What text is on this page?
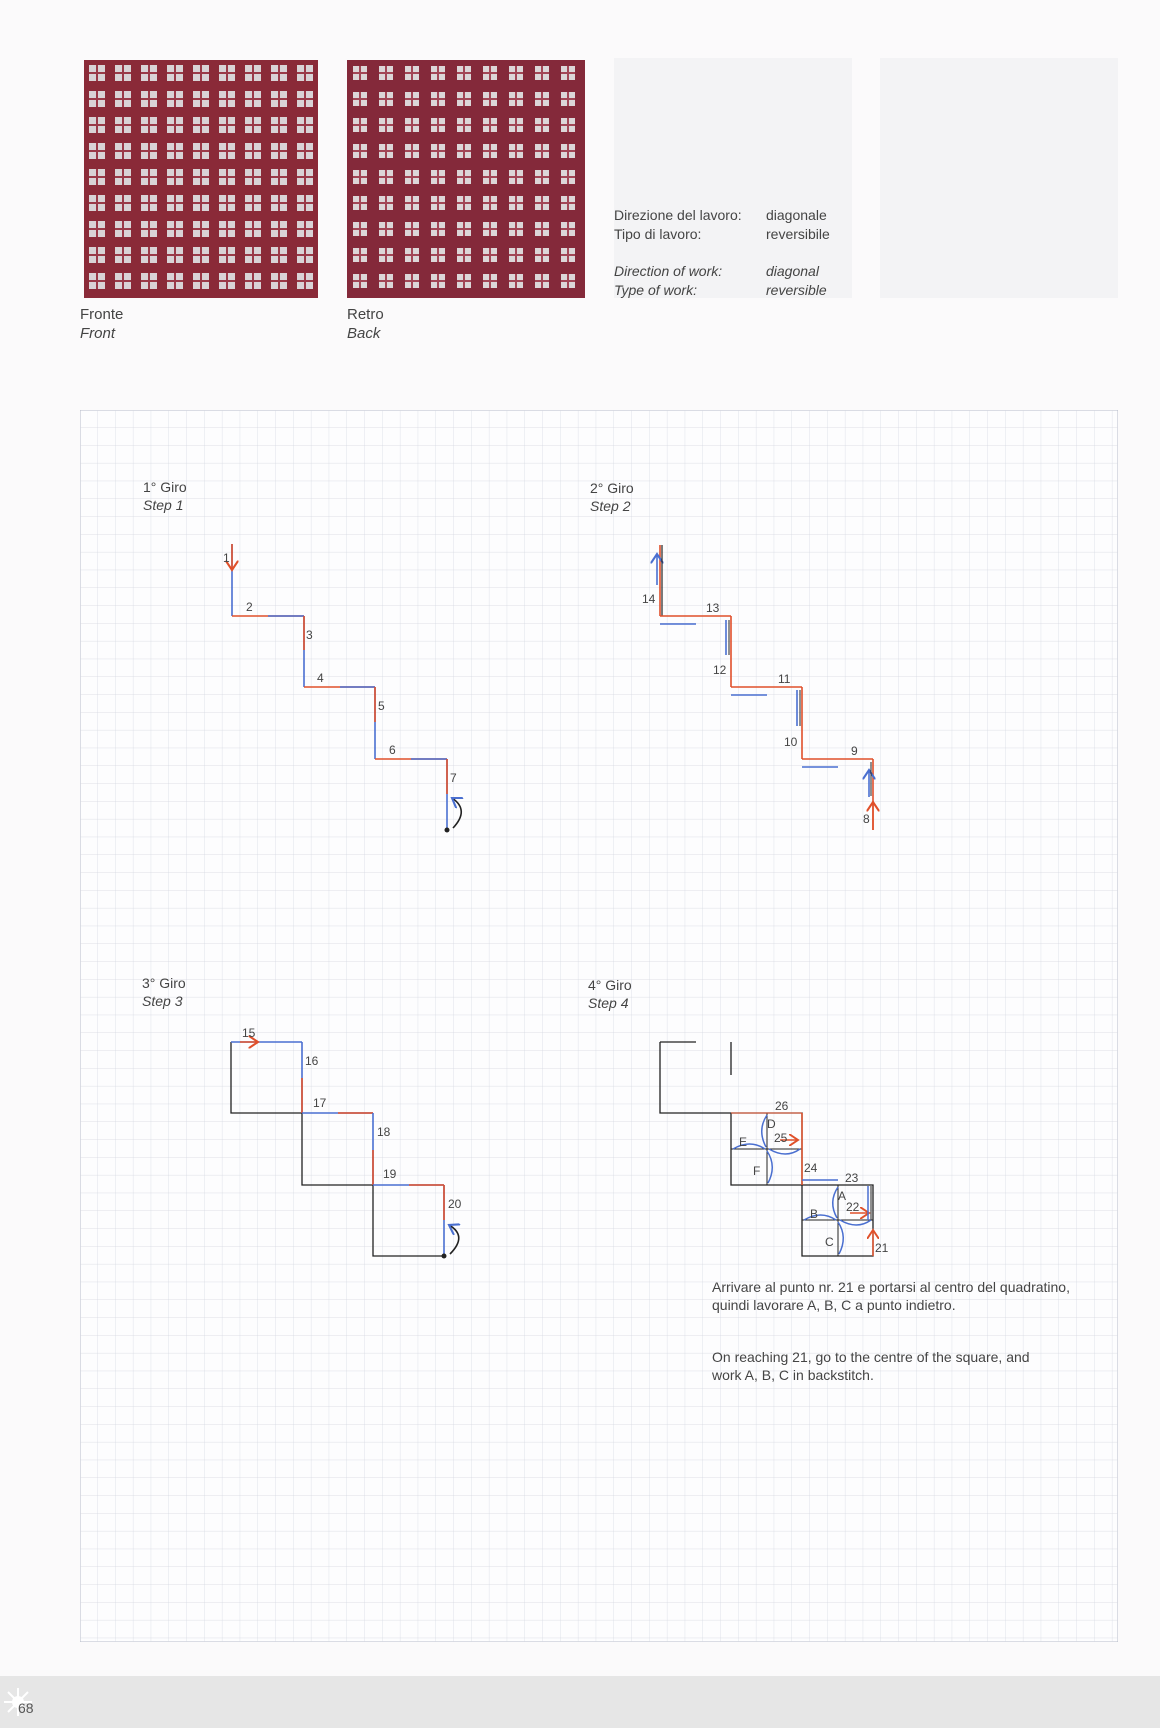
Fronte
Front
Retro
Back
Direzione del lavoro:	diagonale
Tipo di lavoro:	reversibile
Direction of work:	diagonal
Type of work:	reversible
1
2
3
4
5
6
7
14
13
12
11
10
9
8
15
16
17
18
19
20
26
D
E 25
F	24
23
A
B 22
C	21
1° Giro
Step 1
2° Giro
Step 2
3° Giro
Step 3
4° Giro
Step 4
Arrivare al punto nr. 21 e portarsi al centro del quadratino, quindi lavorare A, B, C a punto indietro.
On reaching 21, go to the centre of the square, and work A, B, C in backstitch.
68
